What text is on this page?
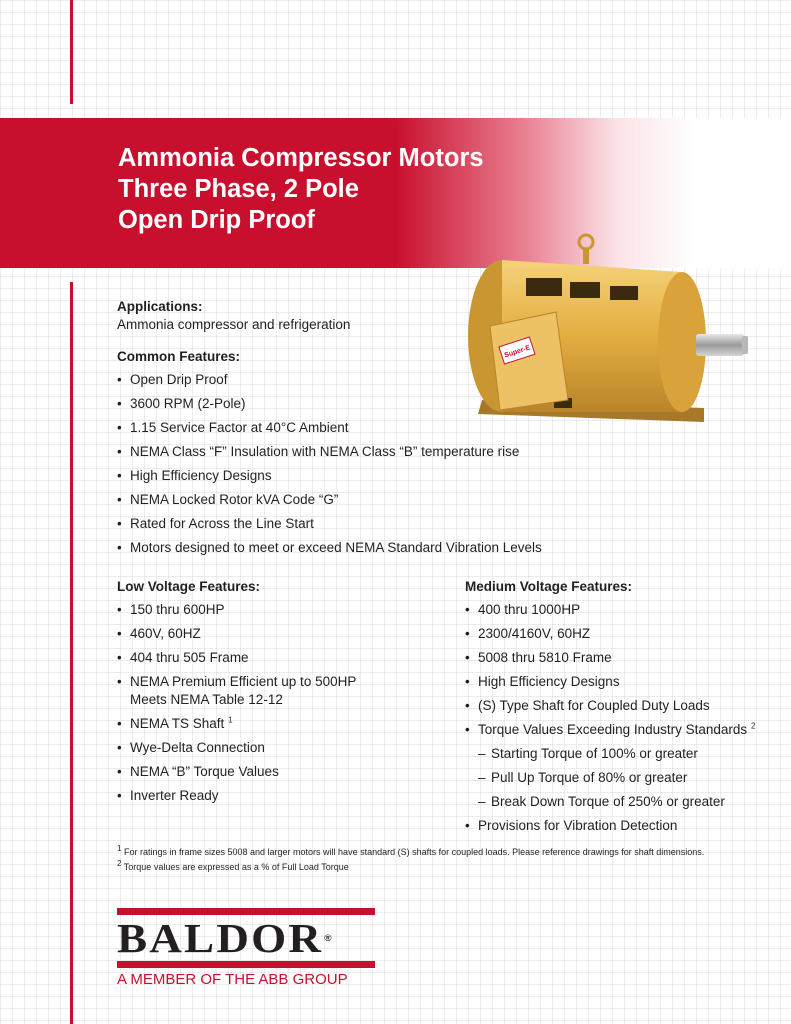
Ammonia Compressor Motors
Three Phase, 2 Pole
Open Drip Proof
Super-E

Applications:

Ammonia compressor and refrigeration

Common Features:

• Open Drip Proof
• 3600 RPM (2-Pole)
• 1.15 Service Factor at 40°C Ambient
• NEMA Class “F” Insulation with NEMA Class “B” temperature rise
• High Efficiency Designs
• NEMA Locked Rotor kVA Code “G”
• Rated for Across the Line Start
• Motors designed to meet or exceed NEMA Standard Vibration Levels

Low Voltage Features:

• 150 thru 600HP
• 460V, 60HZ
• 404 thru 505 Frame
• NEMA Premium Efficient up to 500HP
Meets NEMA Table 12-12
• NEMA TS Shaft $^1$
• Wye-Delta Connection
• NEMA “B” Torque Values
• Inverter Ready

Medium Voltage Features:

• 400 thru 1000HP
• 2300/4160V, 60HZ
• 5008 thru 5810 Frame
• High Efficiency Designs
• (S) Type Shaft for Coupled Duty Loads
• Torque Values Exceeding Industry Standards $^2$
– Starting Torque of 100% or greater
– Pull Up Torque of 80% or greater
– Break Down Torque of 250% or greater
• Provisions for Vibration Detection
$^1$ For ratings in frame sizes 5008 and larger motors will have standard (S) shafts for coupled loads. Please reference drawings for shaft dimensions.
$^2$ Torque values are expressed as a % of Full Load Torque
BALDOR ®
A MEMBER OF THE ABB GROUP
